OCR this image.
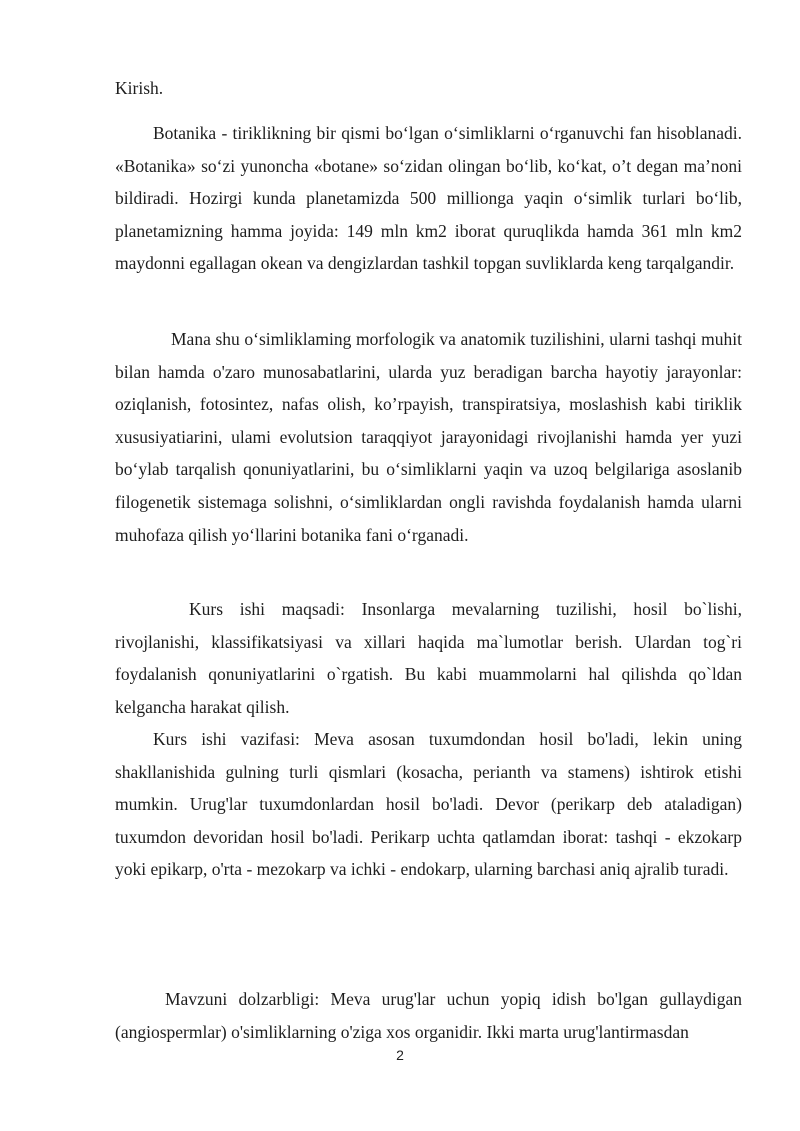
Kirish.

Botanika - tiriklikning bir qismi bo‘lgan o‘simliklarni o‘rganuvchi fan hisoblanadi. «Botanika» so‘zi yunoncha «botane» so‘zidan olingan bo‘lib, ko‘kat, o’t degan ma’noni bildiradi. Hozirgi kunda planetamizda 500 millionga yaqin o‘simlik turlari bo‘lib, planetamizning hamma joyida: 149 mln km2 iborat quruqlikda hamda 361 mln km2 maydonni egallagan okean va dengizlardan tashkil topgan suvliklarda keng tarqalgandir.

Mana shu o‘simliklaming morfologik va anatomik tuzilishini, ularni tashqi muhit bilan hamda o'zaro munosabatlarini, ularda yuz beradigan barcha hayotiy jarayonlar: oziqlanish, fotosintez, nafas olish, ko’rpayish, transpiratsiya, moslashish kabi tiriklik xususiyatiarini, ulami evolutsion taraqqiyot jarayonidagi rivojlanishi hamda yer yuzi bo‘ylab tarqalish qonuniyatlarini, bu o‘simliklarni yaqin va uzoq belgilariga asoslanib filogenetik sistemaga solishni, o‘simliklardan ongli ravishda foydalanish hamda ularni muhofaza qilish yo‘llarini botanika fani o‘rganadi.

Kurs ishi maqsadi: Insonlarga mevalarning tuzilishi, hosil bo`lishi, rivojlanishi, klassifikatsiyasi va xillari haqida ma`lumotlar berish. Ulardan tog`ri foydalanish qonuniyatlarini o`rgatish. Bu kabi muammolarni hal qilishda qo`ldan kelgancha harakat qilish.

Kurs ishi vazifasi: Meva asosan tuxumdondan hosil bo'ladi, lekin uning shakllanishida gulning turli qismlari (kosacha, perianth va stamens) ishtirok etishi mumkin. Urug'lar tuxumdonlardan hosil bo'ladi. Devor (perikarp deb ataladigan) tuxumdon devoridan hosil bo'ladi. Perikarp uchta qatlamdan iborat: tashqi - ekzokarp yoki epikarp, o'rta - mezokarp va ichki - endokarp, ularning barchasi aniq ajralib turadi.

Mavzuni dolzarbligi: Meva urug'lar uchun yopiq idish bo'lgan gullaydigan (angiospermlar) o'simliklarning o'ziga xos organidir. Ikki marta urug'lantirmasdan

2
